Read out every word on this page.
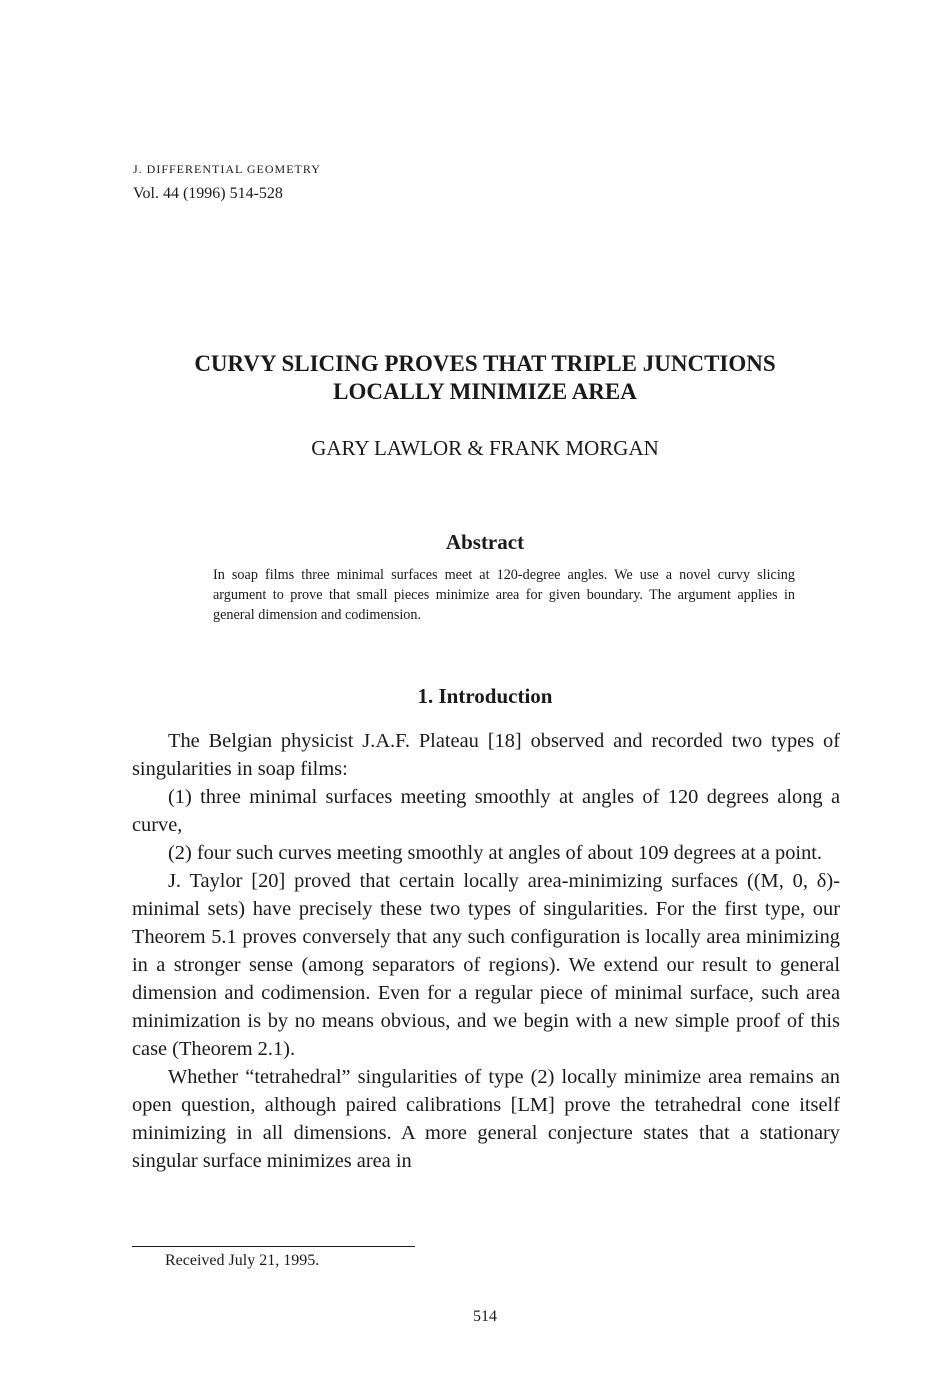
J. DIFFERENTIAL GEOMETRY
Vol. 44 (1996) 514-528
CURVY SLICING PROVES THAT TRIPLE JUNCTIONS LOCALLY MINIMIZE AREA
GARY LAWLOR & FRANK MORGAN
Abstract

In soap films three minimal surfaces meet at 120-degree angles. We use a novel curvy slicing argument to prove that small pieces minimize area for given boundary. The argument applies in general dimension and codimension.

1. Introduction

The Belgian physicist J.A.F. Plateau [18] observed and recorded two types of singularities in soap films:

(1) three minimal surfaces meeting smoothly at angles of 120 degrees along a curve,

(2) four such curves meeting smoothly at angles of about 109 degrees at a point.

J. Taylor [20] proved that certain locally area-minimizing surfaces ((M, 0, δ)-minimal sets) have precisely these two types of singularities. For the first type, our Theorem 5.1 proves conversely that any such configuration is locally area minimizing in a stronger sense (among separators of regions). We extend our result to general dimension and codimension. Even for a regular piece of minimal surface, such area minimization is by no means obvious, and we begin with a new simple proof of this case (Theorem 2.1).

Whether “tetrahedral” singularities of type (2) locally minimize area remains an open question, although paired calibrations [LM] prove the tetrahedral cone itself minimizing in all dimensions. A more general conjecture states that a stationary singular surface minimizes area in

Received July 21, 1995.
514
